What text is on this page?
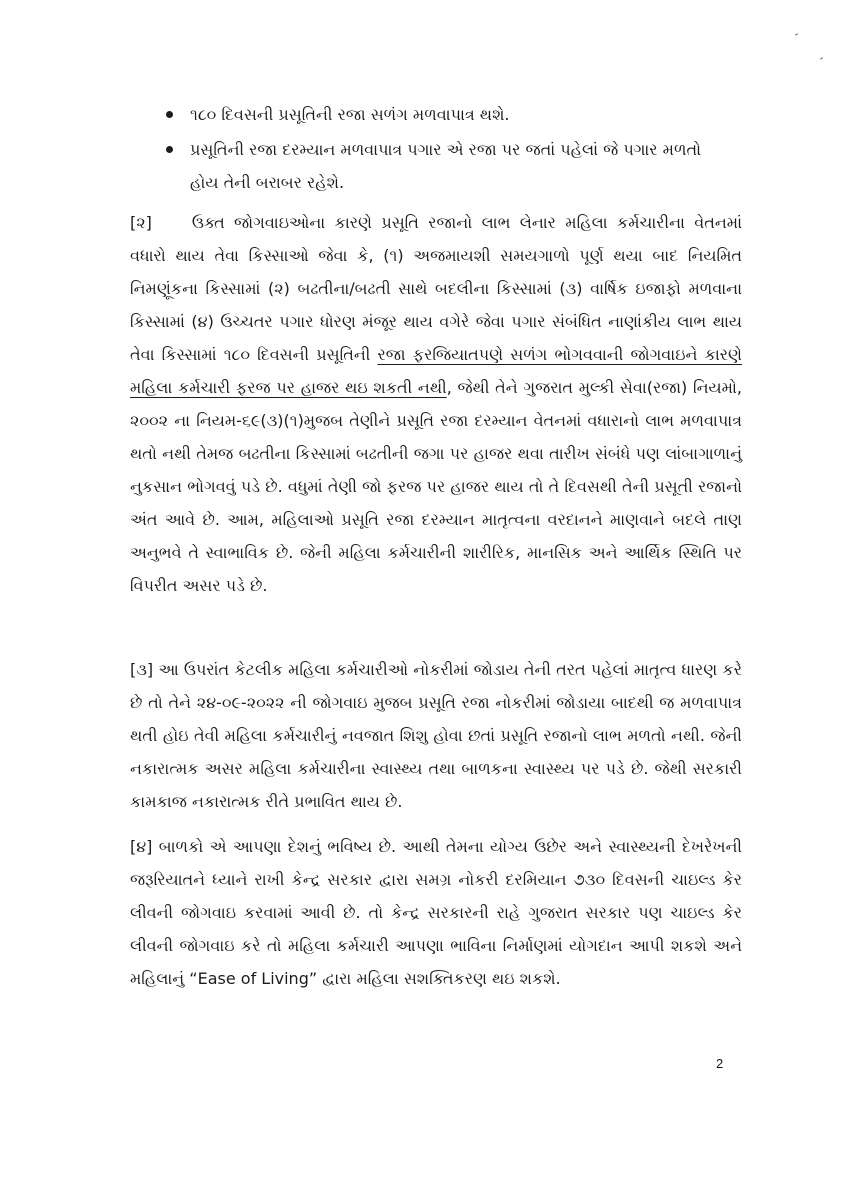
૧૮૦ દિવસની પ્રસૂતિની રજા સળંગ મળવાપાત્ર થશે.
પ્રસૂતિની રજા દરમ્યાન મળવાપાત્ર પગાર એ રજા પર જતાં પહેલાં જે પગાર મળતો હોય તેની બરાબર રહેશે.
[૨]	ઉક્ત જોગવાઇઓના કારણે પ્રસૂતિ રજાનો લાભ લેનાર મહિલા કર્મચારીના વેતનમાં વધારો થાય તેવા કિસ્સાઓ જેવા કે, (૧) અજમાયશી સમયગાળો પૂર્ણ થયા બાદ નિયમિત નિમણૂંકના કિસ્સામાં (૨) બઢતીના/બઢતી સાથે બદલીના કિસ્સામાં (૩) વાર્ષિક ઇજાફો મળવાના કિસ્સામાં (૪) ઉચ્ચતર પગાર ધોરણ મંજૂર થાય વગેરે જેવા પગાર સંબંધિત નાણાંકીય લાભ થાય તેવા કિસ્સામાં ૧૮૦ દિવસની પ્રસૂતિની રજા ફરજિયાતપણે સળંગ ભોગવવાની જોગવાઇને કારણે મહિલા કર્મચારી ફરજ પર હાજર થઇ શકતી નથી, જેથી તેને ગુજરાત મુલ્કી સેવા(રજા) નિયમો, ૨૦૦૨ ના નિયમ-૬૯(૩)(૧)મુજબ તેણીને પ્રસૂતિ રજા દરમ્યાન વેતનમાં વધારાનો લાભ મળવાપાત્ર થતો નથી તેમજ બઢતીના કિસ્સામાં બઢતીની જગા પર હાજર થવા તારીખ સંબંધે પણ લાંબાગાળાનું નુકસાન ભોગવવું પડે છે. વધુમાં તેણી જો ફરજ પર હાજર થાય તો તે દિવસથી તેની પ્રસૂતી રજાનો અંત આવે છે. આમ, મહિલાઓ પ્રસૂતિ રજા દરમ્યાન માતૃત્વના વરદાનને માણવાને બદલે તાણ અનુભવે તે સ્વાભાવિક છે. જેની મહિલા કર્મચારીની શારીરિક, માનસિક અને આર્થિક સ્થિતિ પર વિપરીત અસર પડે છે.
[૩] આ ઉપરાંત કેટલીક મહિલા કર્મચારીઓ નોકરીમાં જોડાય તેની તરત પહેલાં માતૃત્વ ધારણ કરે છે તો તેને ૨૪-૦૯-૨૦૨૨ ની જોગવાઇ મુજબ પ્રસૂતિ રજા નોકરીમાં જોડાયા બાદથી જ મળવાપાત્ર થતી હોઇ તેવી મહિલા કર્મચારીનું નવજાત શિશુ હોવા છતાં પ્રસૂતિ રજાનો લાભ મળતો નથી. જેની નકારાત્મક અસર મહિલા કર્મચારીના સ્વાસ્થ્ય તથા બાળકના સ્વાસ્થ્ય પર પડે છે. જેથી સરકારી કામકાજ નકારાત્મક રીતે પ્રભાવિત થાય છે.
[૪] બાળકો એ આપણા દેશનું ભવિષ્ય છે. આથી તેમના યોગ્ય ઉછેર અને સ્વાસ્થ્યની દેખરેખની જરૂરિયાતને ધ્યાને રાખી કેન્દ્ર સરકાર દ્વારા સમગ્ર નોકરી દરમિયાન ૭૩૦ દિવસની ચાઇલ્ડ કેર લીવની જોગવાઇ કરવામાં આવી છે. તો કેન્દ્ર સરકારની રાહે ગુજરાત સરકાર પણ ચાઇલ્ડ કેર લીવની જોગવાઇ કરે તો મહિલા કર્મચારી આપણા ભાવિના નિર્માણમાં યોગદાન આપી શકશે અને મહિલાનું “Ease of Living” દ્વારા મહિલા સશક્તિકરણ થઇ શકશે.
2
